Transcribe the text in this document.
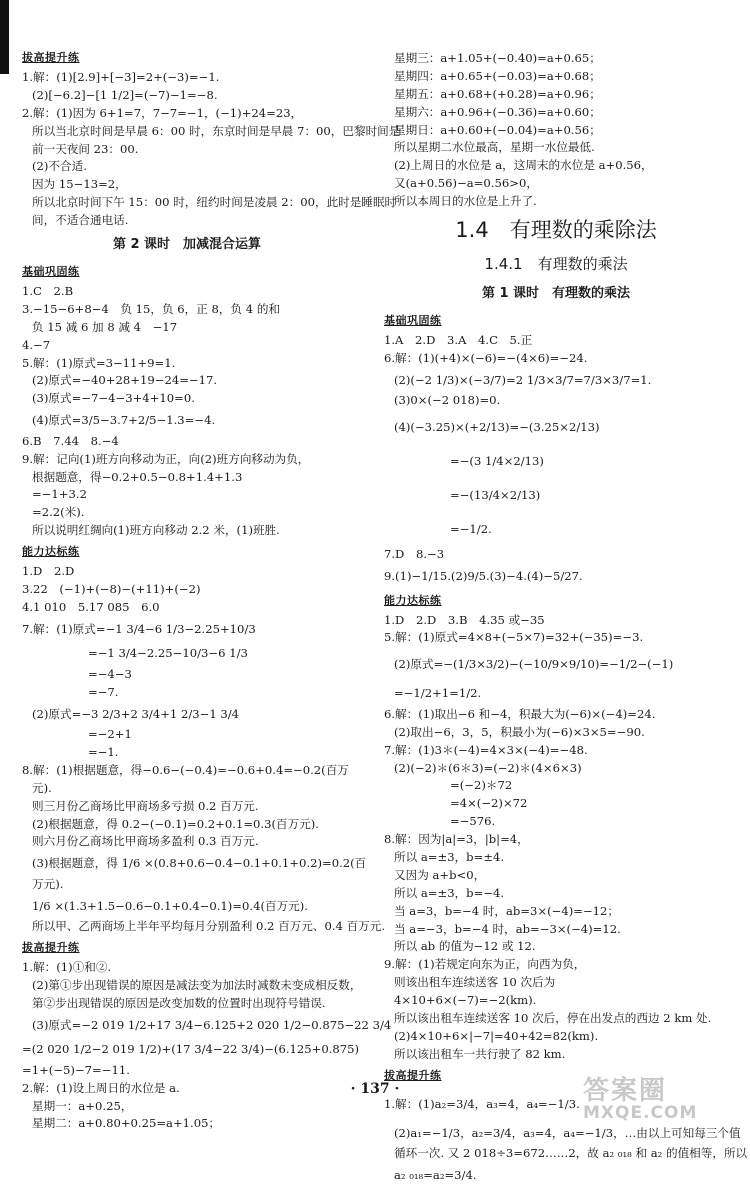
拔高提升练
1.解：(1)[2.9]+[−3]=2+(−3)=−1.
(2)[−6.2]−[1 1/2]=(−7)−1=−8.
2.解：(1)因为 6+1=7，7−7=−1，(−1)+24=23，
所以当北京时间是早晨 6：00 时，东京时间是早晨 7：00，巴黎时间是
前一天夜间 23：00.
(2)不合适.
因为 15−13=2，
所以北京时间下午 15：00 时，纽约时间是凌晨 2：00，此时是睡眠时
间，不适合通电话.
第 2 课时　加减混合运算
基础巩固练
1.C　2.B
3.−15−6+8−4　负 15，负 6，正 8，负 4 的和
负 15 减 6 加 8 减 4　−17
4.−7
5.解：(1)原式=3−11+9=1.
(2)原式=−40+28+19−24=−17.
(3)原式=−7−4−3+4+10=0.
(4)原式=3/5−3.7+2/5−1.3=−4.
6.B　7.44　8.−4
9.解：记向(1)班方向移动为正，向(2)班方向移动为负，
根据题意，得−0.2+0.5−0.8+1.4+1.3
=−1+3.2
=2.2(米).
所以说明红绸向(1)班方向移动 2.2 米，(1)班胜.
能力达标练
1.D　2.D
3.22　(−1)+(−8)−(+11)+(−2)
4.1 010　5.17 085　6.0
7.解：(1)原式=−1 3/4−6 1/3−2.25+10/3
=−1 3/4−2.25−10/3−6 1/3
=−4−3
=−7.
(2)原式=−3 2/3+2 3/4+1 2/3−1 3/4
=−2+1
=−1.
8.解：(1)根据题意，得−0.6−(−0.4)=−0.6+0.4=−0.2(百万
元).
则三月份乙商场比甲商场多亏损 0.2 百万元.
(2)根据题意，得 0.2−(−0.1)=0.2+0.1=0.3(百万元).
则六月份乙商场比甲商场多盈利 0.3 百万元.
(3)根据题意，得 1/6 ×(0.8+0.6−0.4−0.1+0.1+0.2)=0.2(百
万元).
1/6 ×(1.3+1.5−0.6−0.1+0.4−0.1)=0.4(百万元).
所以甲、乙两商场上半年平均每月分别盈利 0.2 百万元、0.4 百万元.
拔高提升练
1.解：(1)①和②.
(2)第①步出现错误的原因是减法变为加法时减数未变成相反数，
第②步出现错误的原因是改变加数的位置时出现符号错误.
(3)原式=−2 019 1/2+17 3/4−6.125+2 020 1/2−0.875−22 3/4
=(2 020 1/2−2 019 1/2)+(17 3/4−22 3/4)−(6.125+0.875)
=1+(−5)−7=−11.
2.解：(1)设上周日的水位是 a.
星期一：a+0.25，
星期二：a+0.80+0.25=a+1.05；
星期三：a+1.05+(−0.40)=a+0.65；
星期四：a+0.65+(−0.03)=a+0.68；
星期五：a+0.68+(+0.28)=a+0.96；
星期六：a+0.96+(−0.36)=a+0.60；
星期日：a+0.60+(−0.04)=a+0.56；
所以星期二水位最高，星期一水位最低.
(2)上周日的水位是 a，这周末的水位是 a+0.56，
又(a+0.56)−a=0.56>0，
所以本周日的水位是上升了.
1.4　有理数的乘除法
1.4.1　有理数的乘法
第 1 课时　有理数的乘法
基础巩固练
1.A　2.D　3.A　4.C　5.正
6.解：(1)(+4)×(−6)=−(4×6)=−24.
(2)(−2 1/3)×(−3/7)=2 1/3×3/7=7/3×3/7=1.
(3)0×(−2 018)=0.
(4)(−3.25)×(+2/13)=−(3.25×2/13)
=−(3 1/4×2/13)
=−(13/4×2/13)
=−1/2.
7.D　8.−3
9.(1)−1/15.(2)9/5.(3)−4.(4)−5/27.
能力达标练
1.D　2.D　3.B　4.35 或−35
5.解：(1)原式=4×8+(−5×7)=32+(−35)=−3.
(2)原式=−(1/3×3/2)−(−10/9×9/10)=−1/2−(−1)
=−1/2+1=1/2.
6.解：(1)取出−6 和−4，积最大为(−6)×(−4)=24.
(2)取出−6，3，5，积最小为(−6)×3×5=−90.
7.解：(1)3＊(−4)=4×3×(−4)=−48.
(2)(−2)＊(6＊3)=(−2)＊(4×6×3)
=(−2)＊72
=4×(−2)×72
=−576.
8.解：因为|a|=3，|b|=4，
所以 a=±3，b=±4.
又因为 a+b<0，
所以 a=±3，b=−4.
当 a=3，b=−4 时，ab=3×(−4)=−12；
当 a=−3，b=−4 时，ab=−3×(−4)=12.
所以 ab 的值为−12 或 12.
9.解：(1)若规定向东为正，向西为负，
则该出租车连续送客 10 次后为
4×10+6×(−7)=−2(km).
所以该出租车连续送客 10 次后，停在出发点的西边 2 km 处.
(2)4×10+6×|−7|=40+42=82(km).
所以该出租车一共行驶了 82 km.
拔高提升练
1.解：(1)a₂=3/4，a₃=4，a₄=−1/3.
(2)a₁=−1/3，a₂=3/4，a₃=4，a₄=−1/3，…由以上可知每三个值
循环一次. 又 2 018÷3=672……2，故 a₂ ₀₁₈ 和 a₂ 的值相等，所以
a₂ ₀₁₈=a₂=3/4.
· 137 ·	答案圈
MXQE.COM
